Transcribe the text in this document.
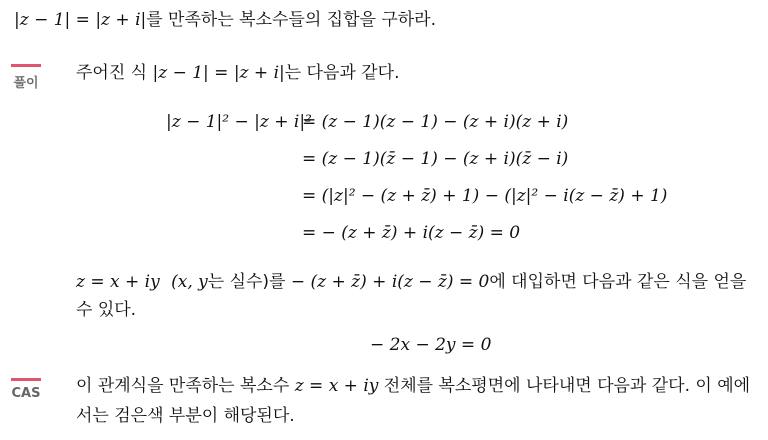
|z − 1| = |z + i|를 만족하는 복소수들의 집합을 구하라.
풀이
주어진 식 |z − 1| = |z + i|는 다음과 같다.
|z − 1|² − |z + i|²
= (z − 1)(z − 1) − (z + i)(z + i)
= (z − 1)(z̄ − 1) − (z + i)(z̄ − i)
= (|z|² − (z + z̄) + 1) − (|z|² − i(z − z̄) + 1)
= − (z + z̄) + i(z − z̄) = 0
z = x + iy (x, y는 실수)를 − (z + z̄) + i(z − z̄) = 0에 대입하면 다음과 같은 식을 얻을
수 있다.
− 2x − 2y = 0
CAS	이 관계식을 만족하는 복소수 z = x + iy 전체를 복소평면에 나타내면 다음과 같다. 이 예에
서는 검은색 부분이 해당된다.
